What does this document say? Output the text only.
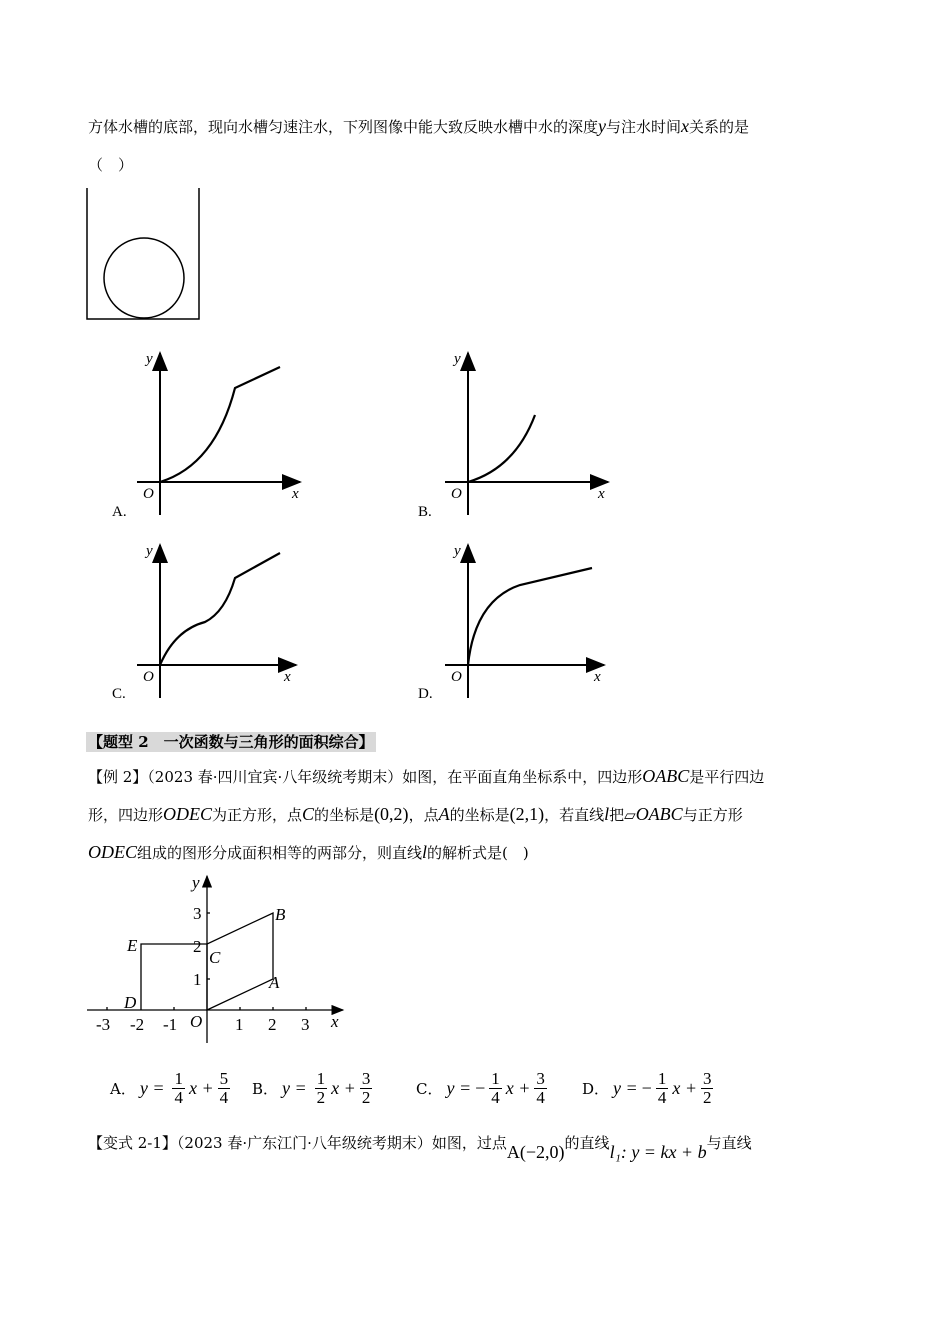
方体水槽的底部，现向水槽匀速注水，下列图像中能大致反映水槽中水的深度y与注水时间x关系的是
（　）
y
x
O
y
x
O
y
x
O
y
x
O
A.	B.
C.	D.
-3 -2 -1	1 2 3
1
2
3
O	x
y
B
A
C
E
D
【题型 2　一次函数与三角形的面积综合】
【例 2】（2023 春·四川宜宾·八年级统考期末）如图，在平面直角坐标系中，四边形OABC是平行四边
形，四边形ODEC为正方形，点C的坐标是(0,2)，点A的坐标是(2,1)，若直线l把▱OABC与正方形
ODEC组成的图形分成面积相等的两部分，则直线l的解析式是(　)
A． $y = \frac{1}{4}$ $x + \frac{5}{4}$ B． $y = \frac{1}{2}$ $x + \frac{3}{2}$	C． y = − $\frac{1}{4}$ $x + \frac{3}{4}$ D． y = − $\frac{1}{4}$ $x + \frac{3}{2}$
【变式 2-1】（2023 春·广东江门·八年级统考期末）如图，过点A(−2,0)的直线l₁: y = kx + b与直线
